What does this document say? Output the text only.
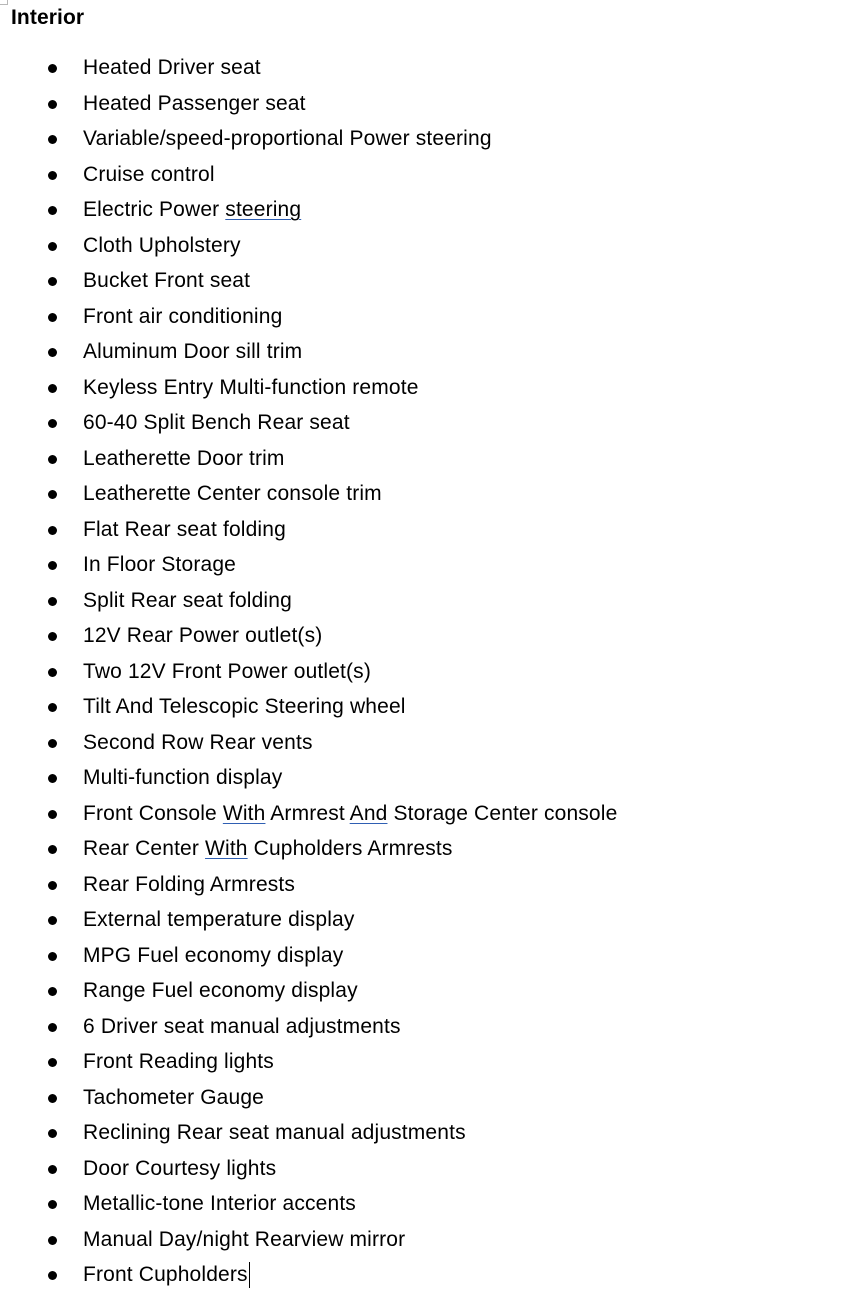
Interior
Heated Driver seat
Heated Passenger seat
Variable/speed-proportional Power steering
Cruise control
Electric Power steering
Cloth Upholstery
Bucket Front seat
Front air conditioning
Aluminum Door sill trim
Keyless Entry Multi-function remote
60-40 Split Bench Rear seat
Leatherette Door trim
Leatherette Center console trim
Flat Rear seat folding
In Floor Storage
Split Rear seat folding
12V Rear Power outlet(s)
Two 12V Front Power outlet(s)
Tilt And Telescopic Steering wheel
Second Row Rear vents
Multi-function display
Front Console With Armrest And Storage Center console
Rear Center With Cupholders Armrests
Rear Folding Armrests
External temperature display
MPG Fuel economy display
Range Fuel economy display
6 Driver seat manual adjustments
Front Reading lights
Tachometer Gauge
Reclining Rear seat manual adjustments
Door Courtesy lights
Metallic-tone Interior accents
Manual Day/night Rearview mirror
Front Cupholders
